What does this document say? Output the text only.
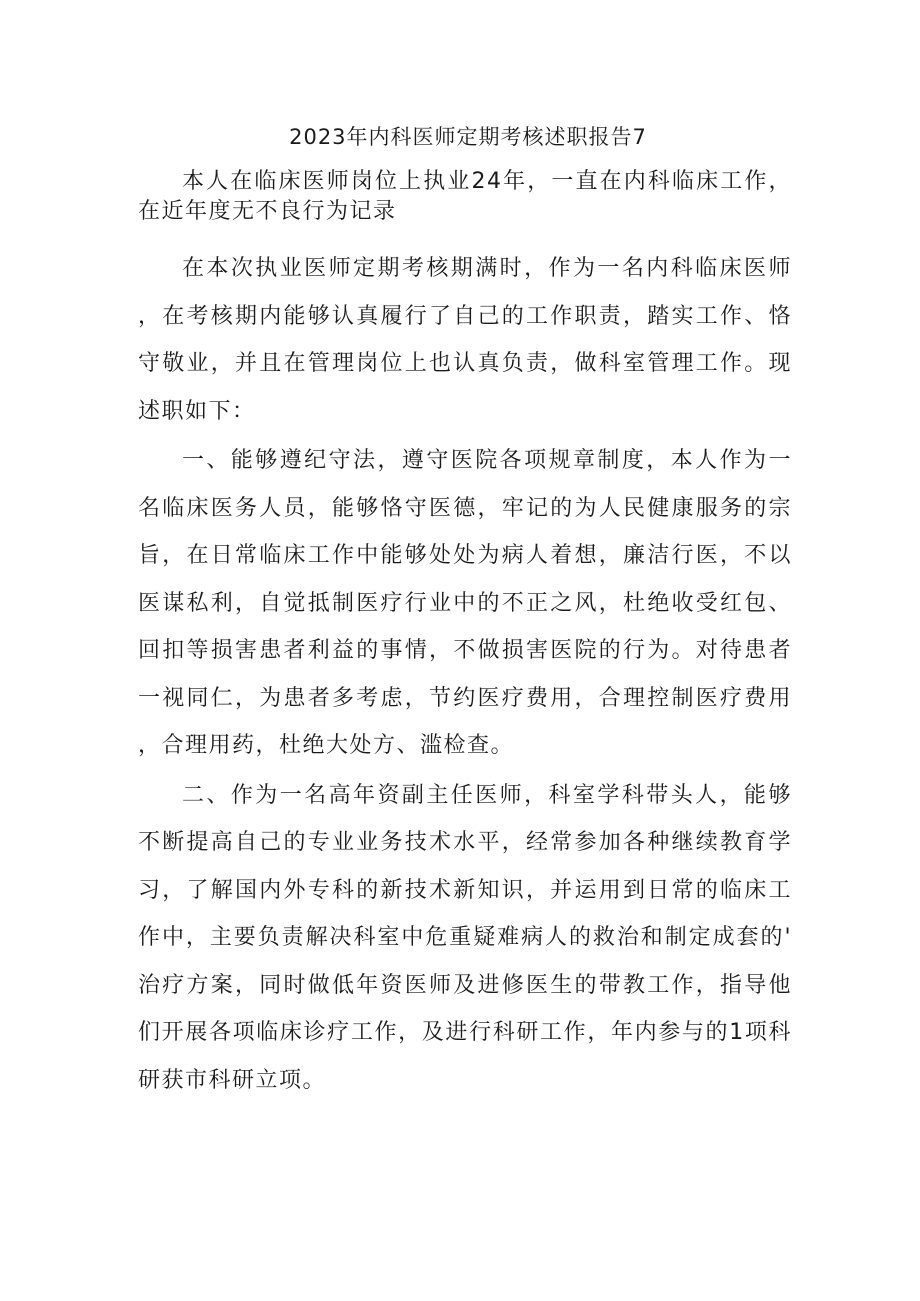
2023年内科医师定期考核述职报告7

本人在临床医师岗位上执业24年，一直在内科临床工作，在近年度无不良行为记录

在本次执业医师定期考核期满时，作为一名内科临床医师，在考核期内能够认真履行了自己的工作职责，踏实工作、恪守敬业，并且在管理岗位上也认真负责，做科室管理工作。现述职如下：

一、能够遵纪守法，遵守医院各项规章制度，本人作为一名临床医务人员，能够恪守医德，牢记的为人民健康服务的宗旨，在日常临床工作中能够处处为病人着想，廉洁行医，不以医谋私利，自觉抵制医疗行业中的不正之风，杜绝收受红包、回扣等损害患者利益的事情，不做损害医院的行为。对待患者一视同仁，为患者多考虑，节约医疗费用，合理控制医疗费用，合理用药，杜绝大处方、滥检查。

二、作为一名高年资副主任医师，科室学科带头人，能够不断提高自己的专业业务技术水平，经常参加各种继续教育学习，了解国内外专科的新技术新知识，并运用到日常的临床工作中，主要负责解决科室中危重疑难病人的救治和制定成套的'治疗方案，同时做低年资医师及进修医生的带教工作，指导他们开展各项临床诊疗工作，及进行科研工作，年内参与的1项科研获市科研立项。
